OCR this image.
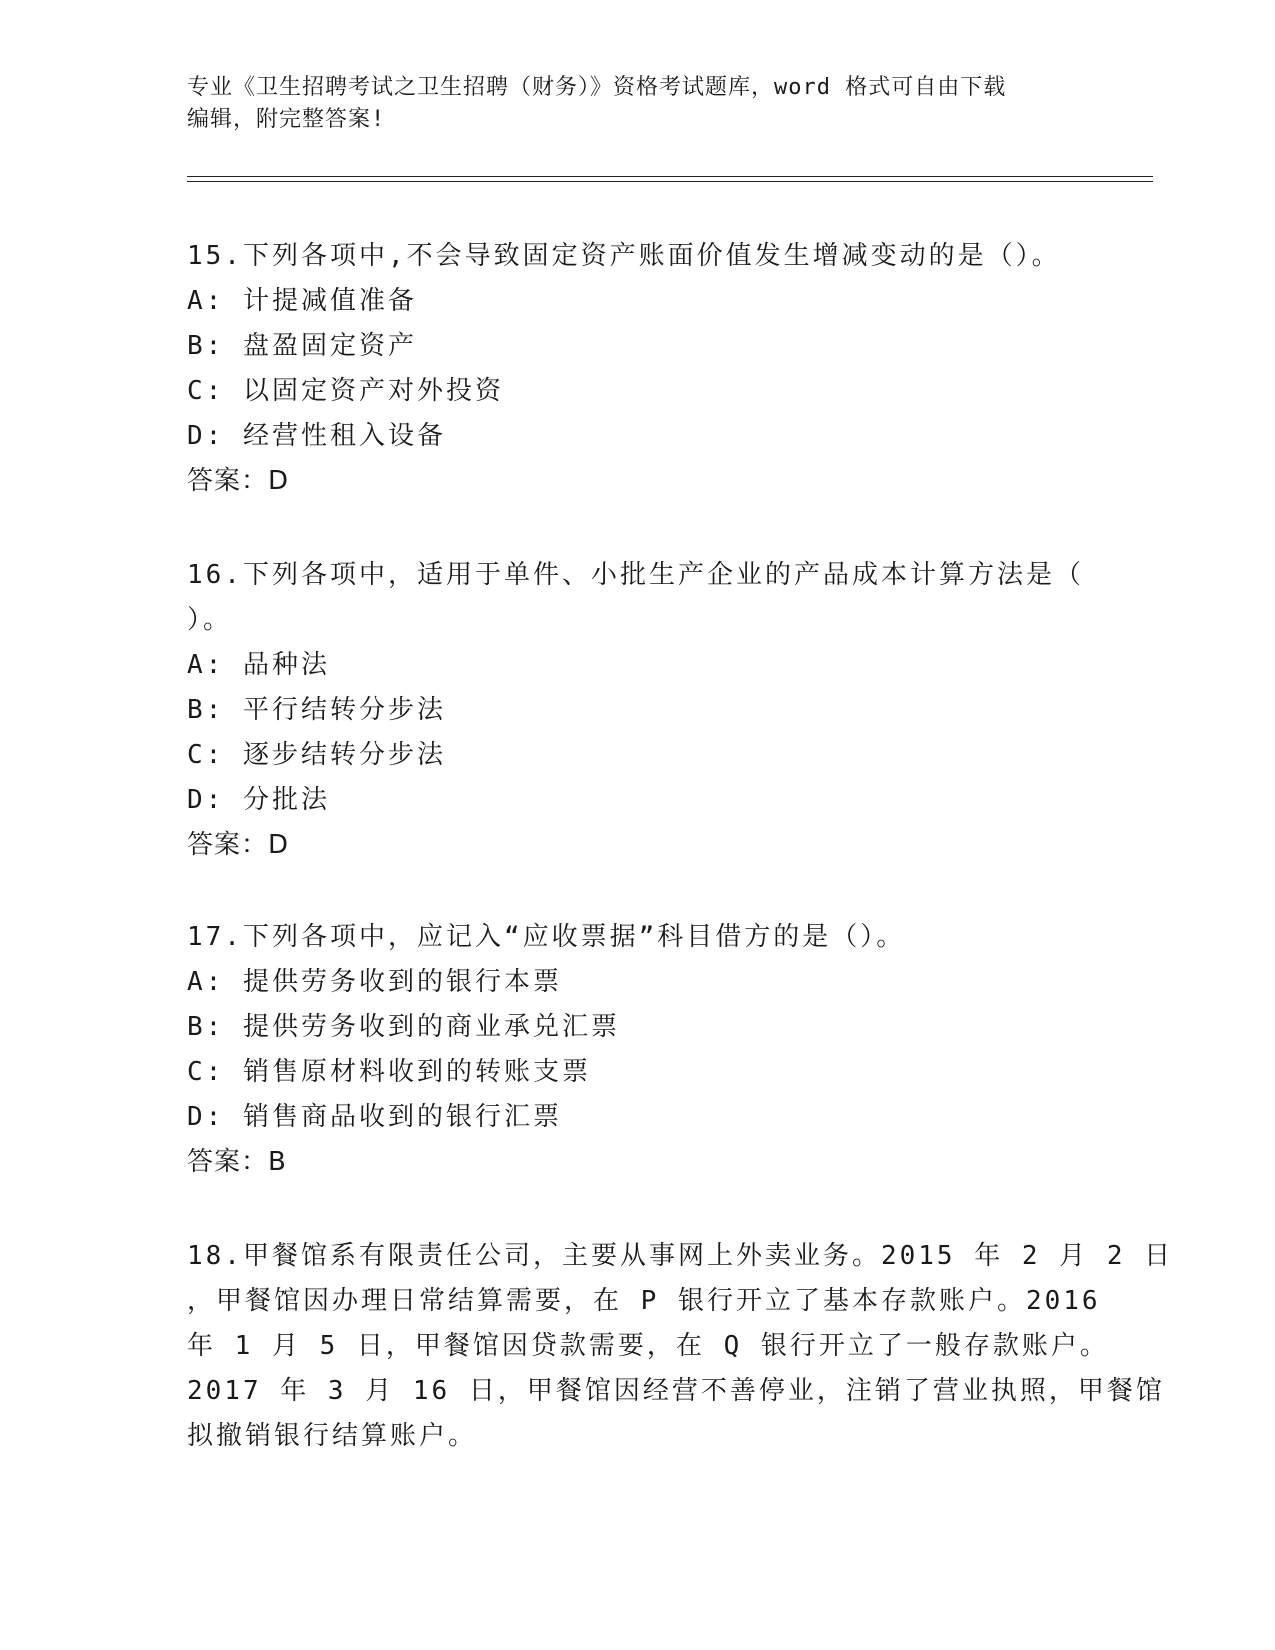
专业《卫生招聘考试之卫生招聘（财务）》资格考试题库，word 格式可自由下载
编辑，附完整答案!
15.下列各项中,不会导致固定资产账面价值发生增减变动的是（）。
A: 计提减值准备
B: 盘盈固定资产
C: 以固定资产对外投资
D: 经营性租入设备
答案：D
16.下列各项中，适用于单件、小批生产企业的产品成本计算方法是（
）。
A: 品种法
B: 平行结转分步法
C: 逐步结转分步法
D: 分批法
答案：D
17.下列各项中，应记入“应收票据”科目借方的是（）。
A: 提供劳务收到的银行本票
B: 提供劳务收到的商业承兑汇票
C: 销售原材料收到的转账支票
D: 销售商品收到的银行汇票
答案：B
18.甲餐馆系有限责任公司，主要从事网上外卖业务。2015 年 2 月 2 日
，甲餐馆因办理日常结算需要，在 P 银行开立了基本存款账户。2016
年 1 月 5 日，甲餐馆因贷款需要，在 Q 银行开立了一般存款账户。
2017 年 3 月 16 日，甲餐馆因经营不善停业，注销了营业执照，甲餐馆
拟撤销银行结算账户。
